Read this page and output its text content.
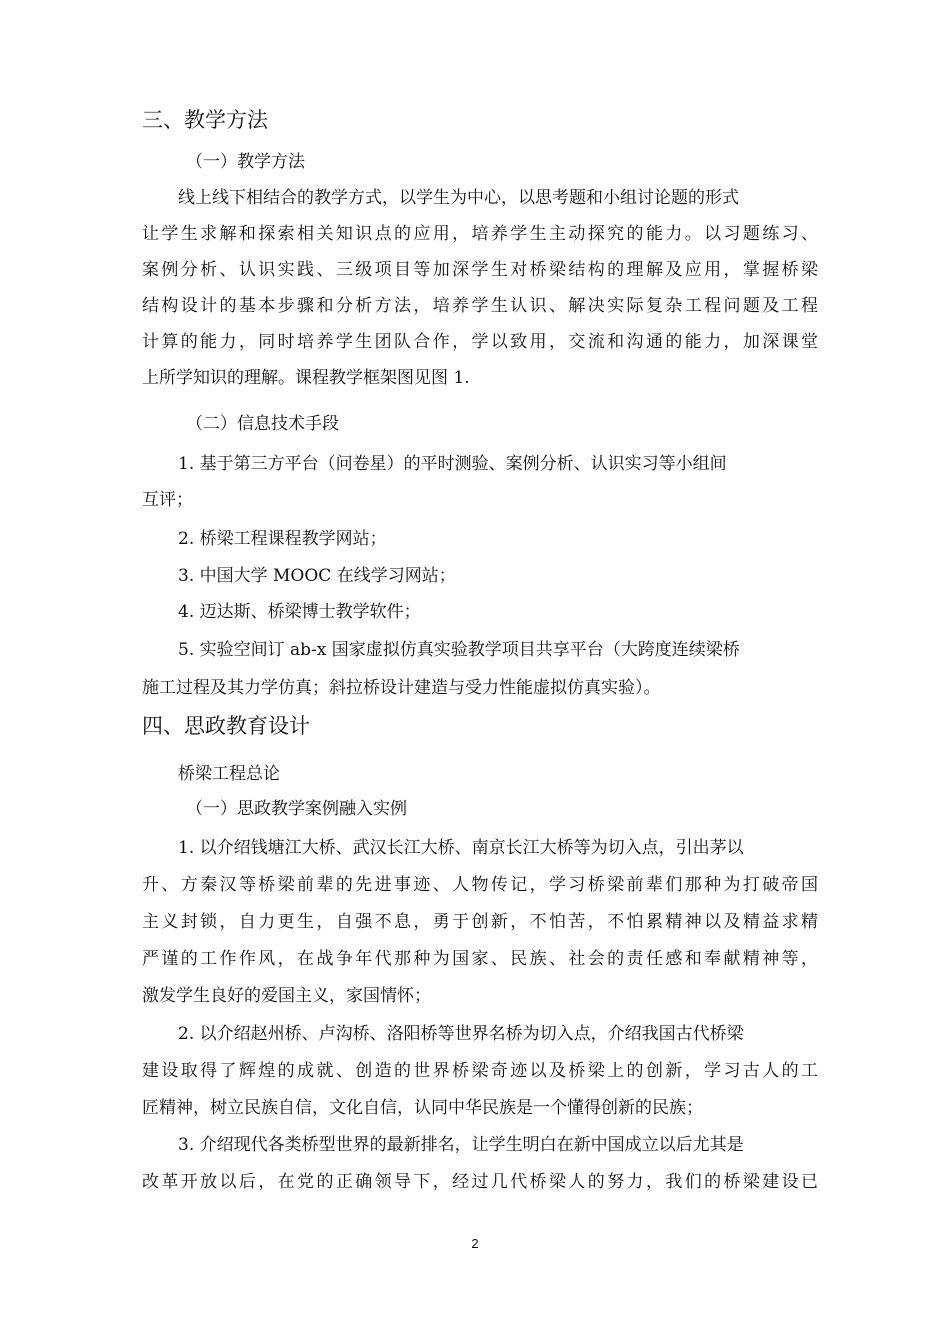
三、教学方法
（一）教学方法
线上线下相结合的教学方式，以学生为中心，以思考题和小组讨论题的形式
让学生求解和探索相关知识点的应用，培养学生主动探究的能力。以习题练习、
案例分析、认识实践、三级项目等加深学生对桥梁结构的理解及应用，掌握桥梁
结构设计的基本步骤和分析方法，培养学生认识、解决实际复杂工程问题及工程
计算的能力，同时培养学生团队合作，学以致用，交流和沟通的能力，加深课堂
上所学知识的理解。课程教学框架图见图 1.
（二）信息技术手段
1. 基于第三方平台（问卷星）的平时测验、案例分析、认识实习等小组间
互评；
2. 桥梁工程课程教学网站；
3. 中国大学 MOOC 在线学习网站；
4. 迈达斯、桥梁博士教学软件；
5. 实验空间订 ab-x 国家虚拟仿真实验教学项目共享平台（大跨度连续梁桥
施工过程及其力学仿真；斜拉桥设计建造与受力性能虚拟仿真实验）。
四、思政教育设计
桥梁工程总论
（一）思政教学案例融入实例
1. 以介绍钱塘江大桥、武汉长江大桥、南京长江大桥等为切入点，引出茅以
升、方秦汉等桥梁前辈的先进事迹、人物传记，学习桥梁前辈们那种为打破帝国
主义封锁，自力更生，自强不息，勇于创新，不怕苦，不怕累精神以及精益求精
严谨的工作作风，在战争年代那种为国家、民族、社会的责任感和奉献精神等，
激发学生良好的爱国主义，家国情怀；
2. 以介绍赵州桥、卢沟桥、洛阳桥等世界名桥为切入点，介绍我国古代桥梁
建设取得了辉煌的成就、创造的世界桥梁奇迹以及桥梁上的创新，学习古人的工
匠精神，树立民族自信，文化自信，认同中华民族是一个懂得创新的民族；
3. 介绍现代各类桥型世界的最新排名，让学生明白在新中国成立以后尤其是
改革开放以后，在党的正确领导下，经过几代桥梁人的努力，我们的桥梁建设已
2
